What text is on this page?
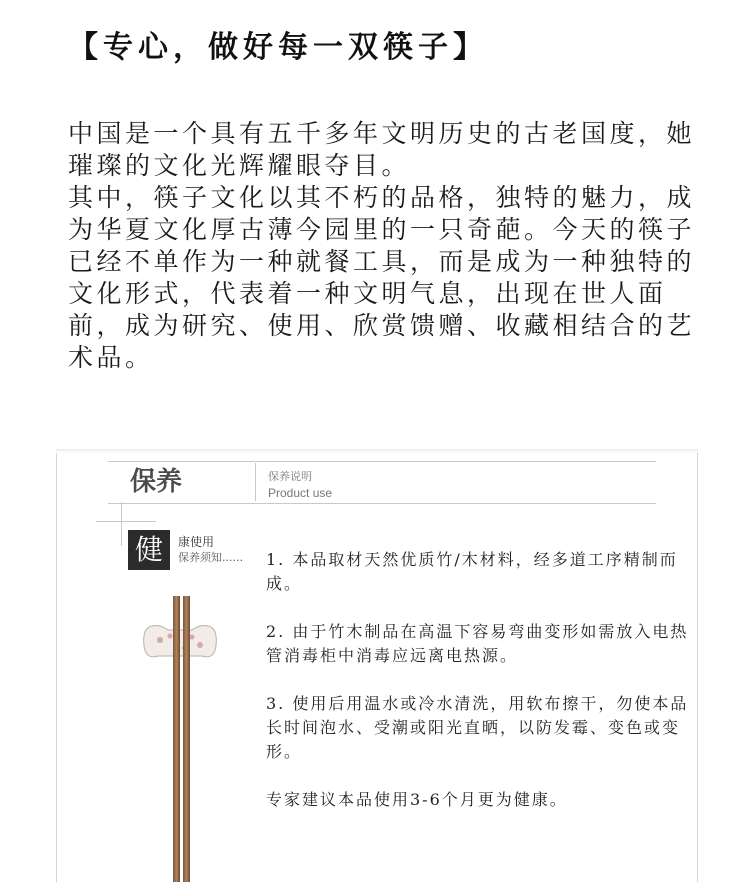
【专心，做好每一双筷子】

中国是一个具有五千多年文明历史的古老国度，她璀璨的文化光辉耀眼夺目。

其中，筷子文化以其不朽的品格，独特的魅力，成为华夏文化厚古薄今园里的一只奇葩。今天的筷子已经不单作为一种就餐工具，而是成为一种独特的文化形式，代表着一种文明气息，出现在世人面前，成为研究、使用、欣赏馈赠、收藏相结合的艺术品。

保养	保养说明
Product use
健	康使用
保养须知...... 1. 本品取材天然优质竹/木材料，经多道工序精制而成。

2. 由于竹木制品在高温下容易弯曲变形如需放入电热管消毒柜中消毒应远离电热源。

3. 使用后用温水或冷水清洗，用软布擦干，勿使本品长时间泡水、受潮或阳光直晒，以防发霉、变色或变形。

专家建议本品使用3-6个月更为健康。
